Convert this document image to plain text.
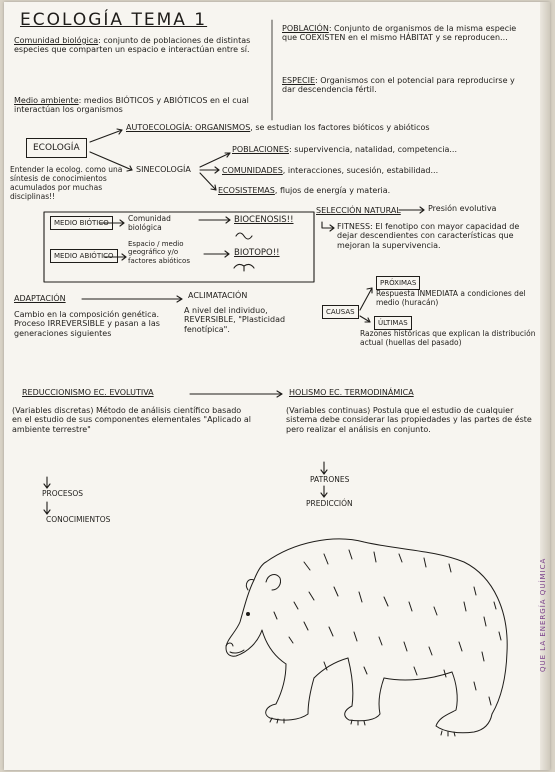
ECOLOGÍA TEMA 1

Comunidad biológica: conjunto de poblaciones de distintas especies que comparten un espacio e interactúan entre sí.

Medio ambiente: medios BIÓTICOS y ABIÓTICOS en el cual interactúan los organismos

POBLACIÓN: Conjunto de organismos de la misma especie que COEXISTEN en el mismo HÁBITAT y se reproducen...

ESPECIE: Organismos con el potencial para reproducirse y dar descendencia fértil.

ECOLOGÍA

AUTOECOLOGÍA: ORGANISMOS, se estudian los factores bióticos y abióticos

SINECOLOGÍA

POBLACIONES: supervivencia, natalidad, competencia...

COMUNIDADES, interacciones, sucesión, estabilidad...

ECOSISTEMAS, flujos de energía y materia.

Entender la ecolog. como una síntesis de conocimientos acumulados por muchas disciplinas!!

MEDIO BIÓTICO	Comunidad biológica

BIOCENOSIS!!

MEDIO ABIÓTICO

Espacio / medio geográfico y/o factores abióticos

BIOTOPO!!

SELECCIÓN NATURAL	Presión evolutiva

FITNESS: El fenotipo con mayor capacidad de dejar descendientes con características que mejoran la supervivencia.

ADAPTACIÓN

Cambio en la composición genética. Proceso IRREVERSIBLE y pasan a las generaciones siguientes

ACLIMATACIÓN

A nivel del individuo, REVERSIBLE, "Plasticidad fenotípica".

CAUSAS
PRÓXIMAS

Respuesta INMEDIATA a condiciones del medio (huracán)

ÚLTIMAS

Razones históricas que explican la distribución actual (huellas del pasado)

REDUCCIONISMO EC. EVOLUTIVA

(Variables discretas) Método de análisis científico basado en el estudio de sus componentes elementales "Aplicado al ambiente terrestre"

PROCESOS

CONOCIMIENTOS

HOLISMO EC. TERMODINÁMICA

(Variables continuas) Postula que el estudio de cualquier sistema debe considerar las propiedades y las partes de éste pero realizar el análisis en conjunto.

PATRONES

PREDICCIÓN

QUE LA ENERGÍA QUÍMICA
